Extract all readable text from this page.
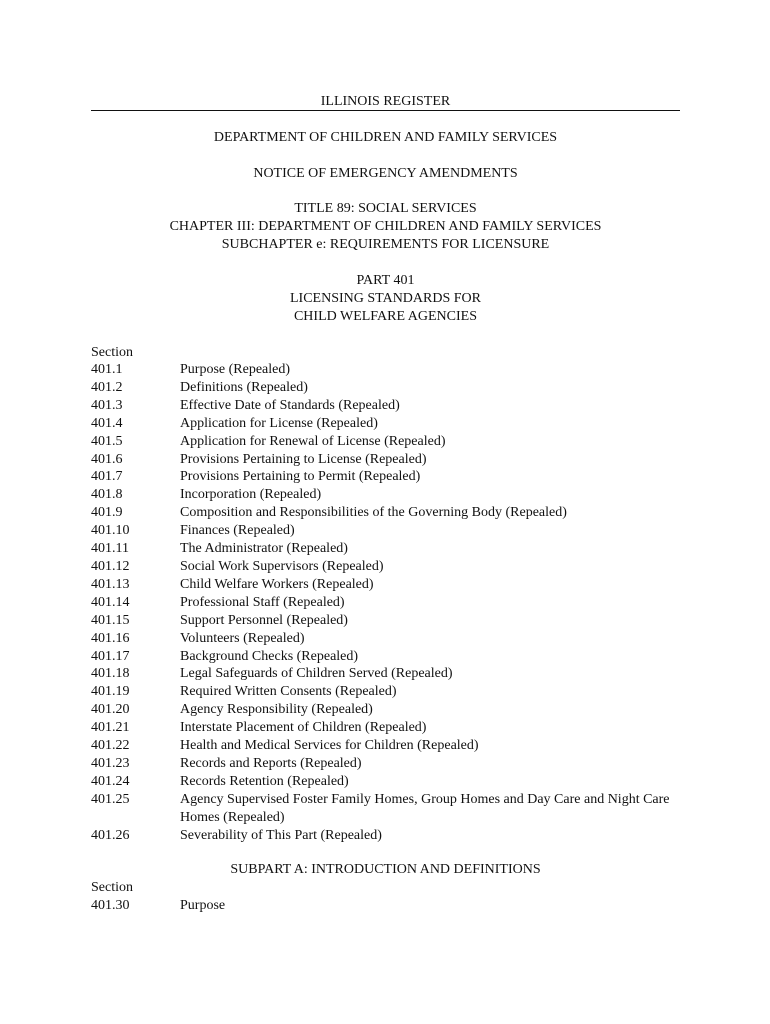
ILLINOIS REGISTER
DEPARTMENT OF CHILDREN AND FAMILY SERVICES
NOTICE OF EMERGENCY AMENDMENTS
TITLE 89: SOCIAL SERVICES
CHAPTER III: DEPARTMENT OF CHILDREN AND FAMILY SERVICES
SUBCHAPTER e: REQUIREMENTS FOR LICENSURE
PART 401
LICENSING STANDARDS FOR
CHILD WELFARE AGENCIES
Section
401.1	Purpose (Repealed)
401.2	Definitions (Repealed)
401.3	Effective Date of Standards (Repealed)
401.4	Application for License (Repealed)
401.5	Application for Renewal of License (Repealed)
401.6	Provisions Pertaining to License (Repealed)
401.7	Provisions Pertaining to Permit (Repealed)
401.8	Incorporation (Repealed)
401.9	Composition and Responsibilities of the Governing Body (Repealed)
401.10	Finances (Repealed)
401.11	The Administrator (Repealed)
401.12	Social Work Supervisors (Repealed)
401.13	Child Welfare Workers (Repealed)
401.14	Professional Staff (Repealed)
401.15	Support Personnel (Repealed)
401.16	Volunteers (Repealed)
401.17	Background Checks (Repealed)
401.18	Legal Safeguards of Children Served (Repealed)
401.19	Required Written Consents (Repealed)
401.20	Agency Responsibility (Repealed)
401.21	Interstate Placement of Children (Repealed)
401.22	Health and Medical Services for Children (Repealed)
401.23	Records and Reports (Repealed)
401.24	Records Retention (Repealed)
401.25	Agency Supervised Foster Family Homes, Group Homes and Day Care and Night Care Homes (Repealed)
401.26	Severability of This Part (Repealed)
SUBPART A: INTRODUCTION AND DEFINITIONS
Section
401.30	Purpose
